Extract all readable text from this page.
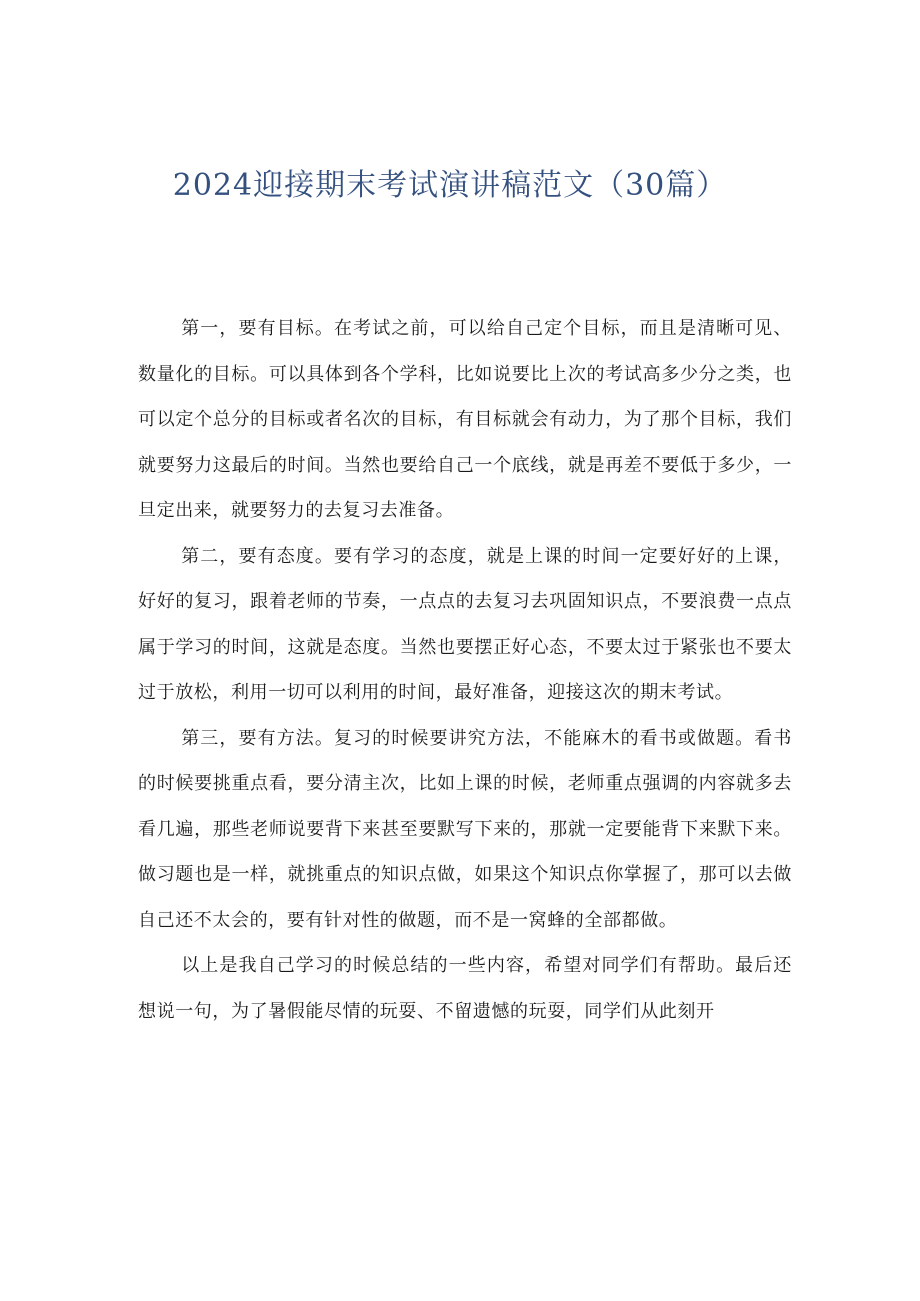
2024迎接期末考试演讲稿范文（30篇）

第一，要有目标。在考试之前，可以给自己定个目标，而且是清晰可见、数量化的目标。可以具体到各个学科，比如说要比上次的考试高多少分之类，也可以定个总分的目标或者名次的目标，有目标就会有动力，为了那个目标，我们就要努力这最后的时间。当然也要给自己一个底线，就是再差不要低于多少，一旦定出来，就要努力的去复习去准备。

第二，要有态度。要有学习的态度，就是上课的时间一定要好好的上课，好好的复习，跟着老师的节奏，一点点的去复习去巩固知识点，不要浪费一点点属于学习的时间，这就是态度。当然也要摆正好心态，不要太过于紧张也不要太过于放松，利用一切可以利用的时间，最好准备，迎接这次的期末考试。

第三，要有方法。复习的时候要讲究方法，不能麻木的看书或做题。看书的时候要挑重点看，要分清主次，比如上课的时候，老师重点强调的内容就多去看几遍，那些老师说要背下来甚至要默写下来的，那就一定要能背下来默下来。做习题也是一样，就挑重点的知识点做，如果这个知识点你掌握了，那可以去做自己还不太会的，要有针对性的做题，而不是一窝蜂的全部都做。

以上是我自己学习的时候总结的一些内容，希望对同学们有帮助。最后还想说一句，为了暑假能尽情的玩耍、不留遗憾的玩耍，同学们从此刻开
